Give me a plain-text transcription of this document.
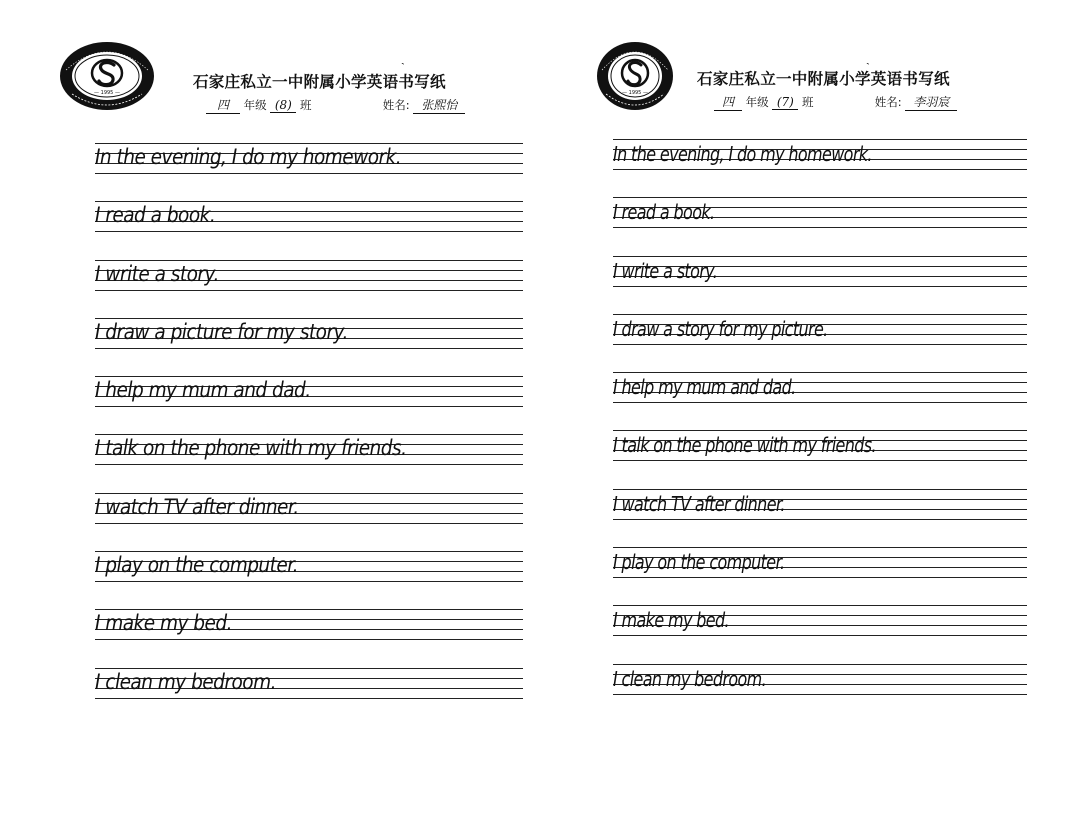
— 1995 —
ˎ
石家庄私立一中附属小学英语书写纸
四 年级 (8) 班	姓名: 张熙怡
In the evening, I do my homework.
I read a book.
I write a story.
I draw a picture for my story.
I help my mum and dad.
I talk on the phone with my friends.
I watch TV after dinner.
I play on the computer.
I make my bed.
I clean my bedroom.
— 1995 —
ˎ
石家庄私立一中附属小学英语书写纸
四 年级 (7) 班	姓名: 李羽宸
In the evening, I do my homework.
I read a book.
I write a story.
I draw a story for my picture.
I help my mum and dad.
I talk on the phone with my friends.
I watch TV after dinner.
I play on the computer.
I make my bed.
I clean my bedroom.
